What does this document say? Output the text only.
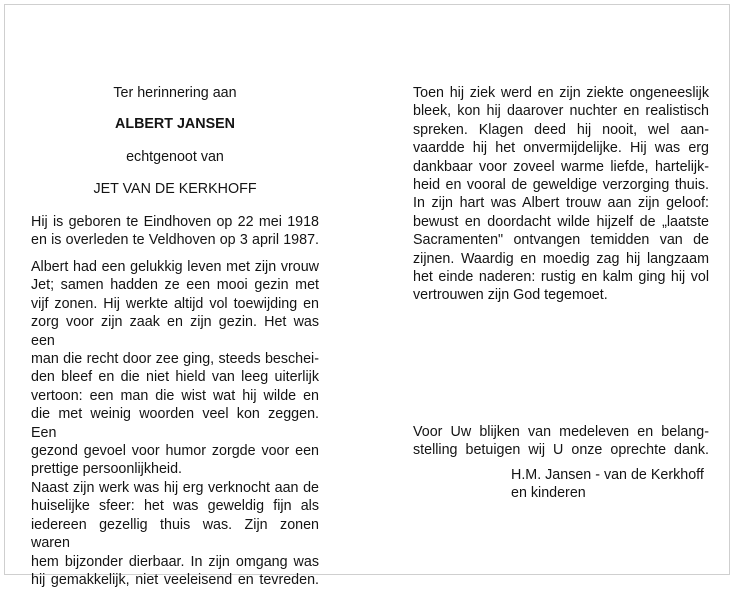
Ter herinnering aan
ALBERT JANSEN
echtgenoot van
JET VAN DE KERKHOFF

Hij is geboren te Eindhoven op 22 mei 1918

en is overleden te Veldhoven op 3 april 1987.

Albert had een gelukkig leven met zijn vrouw

Jet; samen hadden ze een mooi gezin met

vijf zonen. Hij werkte altijd vol toewijding en

zorg voor zijn zaak en zijn gezin. Het was een

man die recht door zee ging, steeds beschei-

den bleef en die niet hield van leeg uiterlijk

vertoon: een man die wist wat hij wilde en

die met weinig woorden veel kon zeggen. Een

gezond gevoel voor humor zorgde voor een

prettige persoonlijkheid.

Naast zijn werk was hij erg verknocht aan de

huiselijke sfeer: het was geweldig fijn als

iedereen gezellig thuis was. Zijn zonen waren

hem bijzonder dierbaar. In zijn omgang was

hij gemakkelijk, niet veeleisend en tevreden.

Toen hij ziek werd en zijn ziekte ongeneeslijk

bleek, kon hij daarover nuchter en realistisch

spreken. Klagen deed hij nooit, wel aan-

vaardde hij het onvermijdelijke. Hij was erg

dankbaar voor zoveel warme liefde, hartelijk-

heid en vooral de geweldige verzorging thuis.

In zijn hart was Albert trouw aan zijn geloof:

bewust en doordacht wilde hijzelf de „laatste

Sacramenten" ontvangen temidden van de

zijnen. Waardig en moedig zag hij langzaam

het einde naderen: rustig en kalm ging hij vol

vertrouwen zijn God tegemoet.

Voor Uw blijken van medeleven en belang-

stelling betuigen wij U onze oprechte dank.

H.M. Jansen - van de Kerkhoff
en kinderen
